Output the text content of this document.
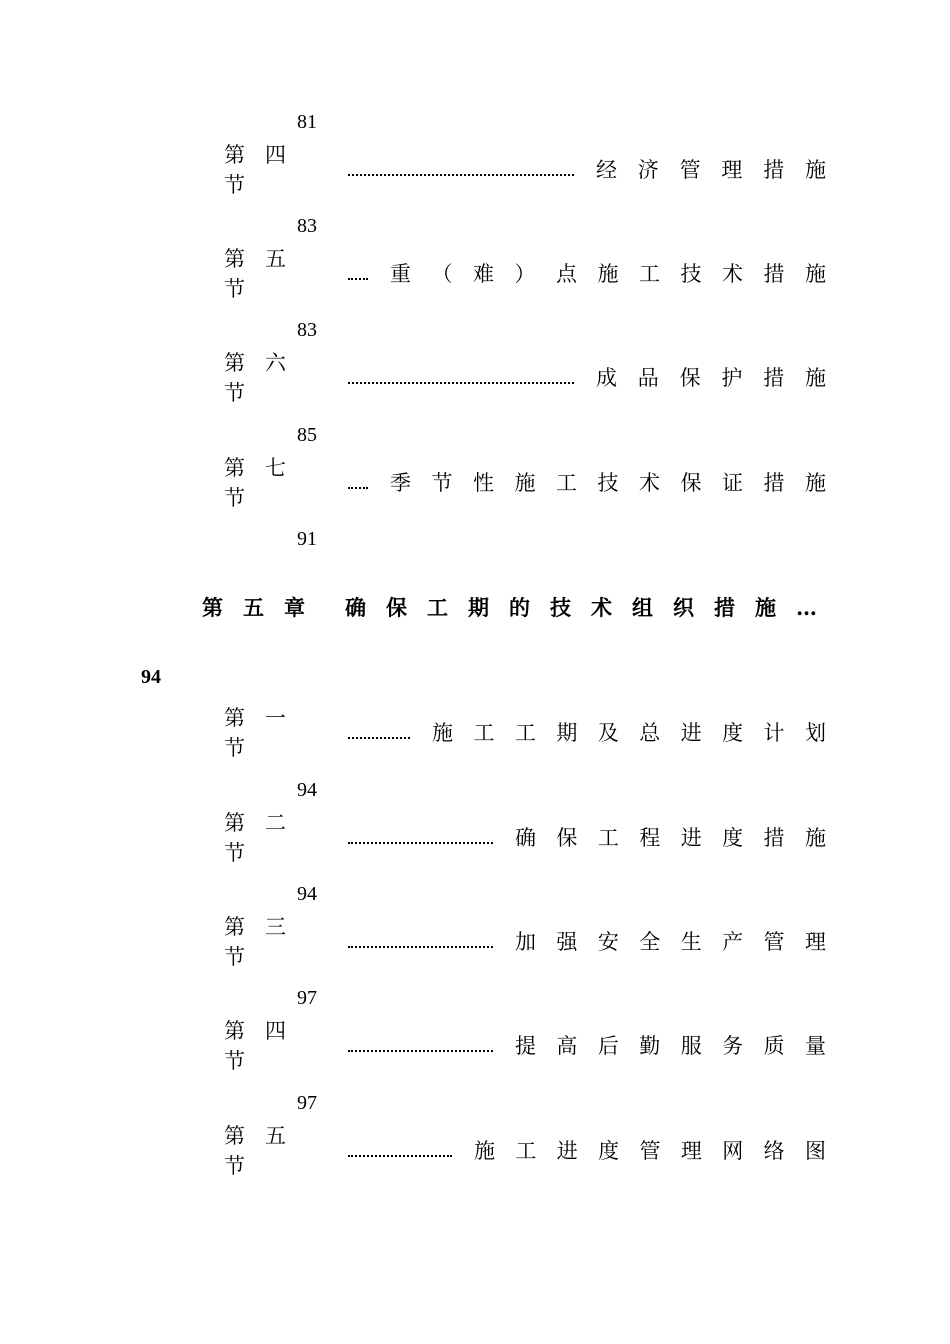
81
第四节
经 济 管 理 措 施
83
第五节
重 （ 难 ） 点 施 工 技 术 措 施
83
第六节
成 品 保 护 措 施
85
第七节
季 节 性 施 工 技 术 保 证 措 施
91
第五章 确保工期的技术组织措施 …
94
第一节
施 工 工 期 及 总 进 度 计 划
94
第二节
确 保 工 程 进 度 措 施
94
第三节
加 强 安 全 生 产 管 理
97
第四节
提 高 后 勤 服 务 质 量
97
第五节
施 工 进 度 管 理 网 络 图
